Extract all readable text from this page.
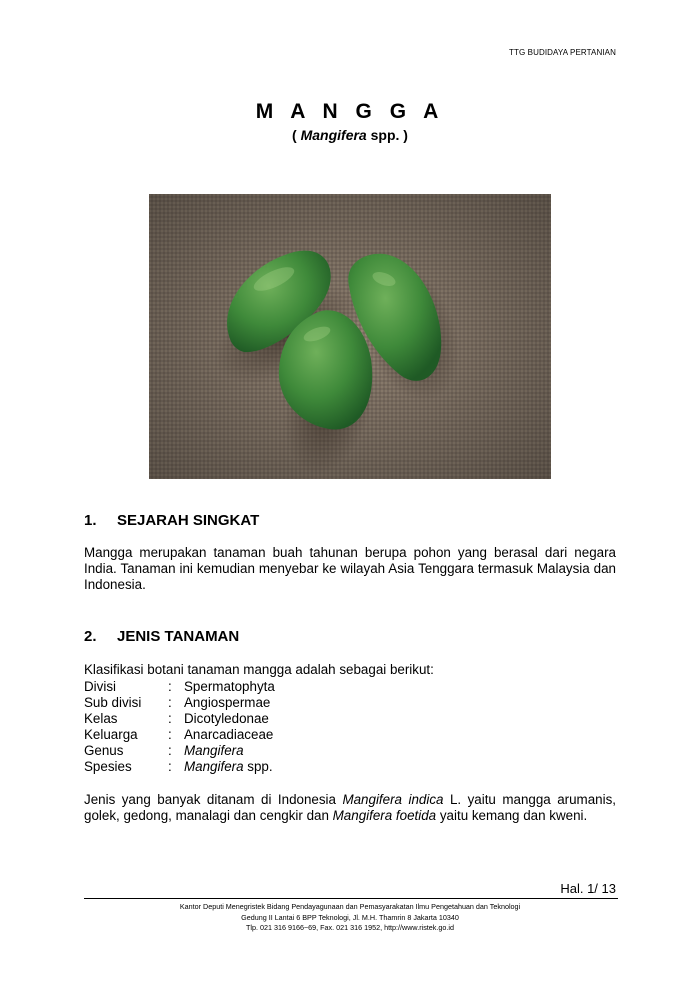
TTG BUDIDAYA PERTANIAN
M A N G G A
( Mangifera spp. )
1. SEJARAH SINGKAT
Mangga merupakan tanaman buah tahunan berupa pohon yang berasal dari negara India. Tanaman ini kemudian menyebar ke wilayah Asia Tenggara termasuk Malaysia dan Indonesia.
2. JENIS TANAMAN
Klasifikasi botani tanaman mangga adalah sebagai berikut:
Divisi	: Spermatophyta
Sub divisi	: Angiospermae
Kelas	: Dicotyledonae
Keluarga	: Anarcadiaceae
Genus	: Mangifera
Spesies	: Mangifera spp.
Jenis yang banyak ditanam di Indonesia Mangifera indica L. yaitu mangga arumanis, golek, gedong, manalagi dan cengkir dan Mangifera foetida yaitu kemang dan kweni.
Hal. 1/ 13
Kantor Deputi Menegristek Bidang Pendayagunaan dan Pemasyarakatan Ilmu Pengetahuan dan Teknologi
Gedung II Lantai 6 BPP Teknologi, Jl. M.H. Thamrin 8 Jakarta 10340
Tlp. 021 316 9166~69, Fax. 021 316 1952, http://www.ristek.go.id
